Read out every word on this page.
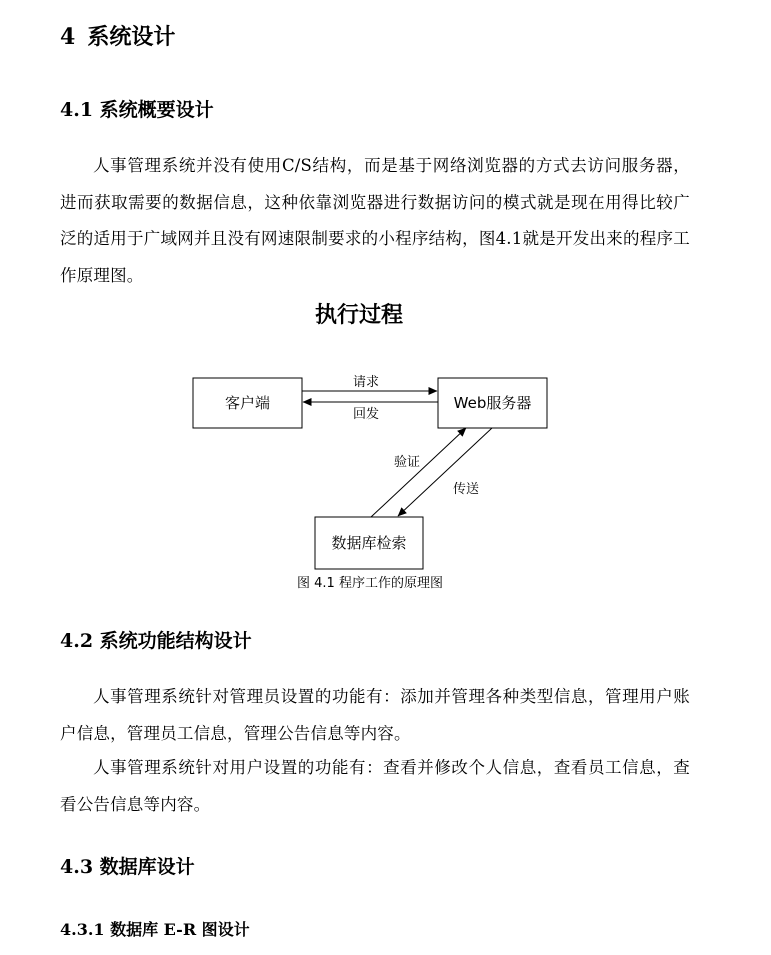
4 系统设计
4.1 系统概要设计

人事管理系统并没有使用C/S结构，而是基于网络浏览器的方式去访问服务器，进而获取需要的数据信息，这种依靠浏览器进行数据访问的模式就是现在用得比较广泛的适用于广域网并且没有网速限制要求的小程序结构，图4.1就是开发出来的程序工作原理图。

执行过程
客户端	Web服务器
数据库检索
请求
回发
验证
传送
图 4.1 程序工作的原理图
4.2 系统功能结构设计

人事管理系统针对管理员设置的功能有：添加并管理各种类型信息，管理用户账户信息，管理员工信息，管理公告信息等内容。

人事管理系统针对用户设置的功能有：查看并修改个人信息，查看员工信息，查看公告信息等内容。

4.3 数据库设计
4.3.1 数据库 E-R 图设计
